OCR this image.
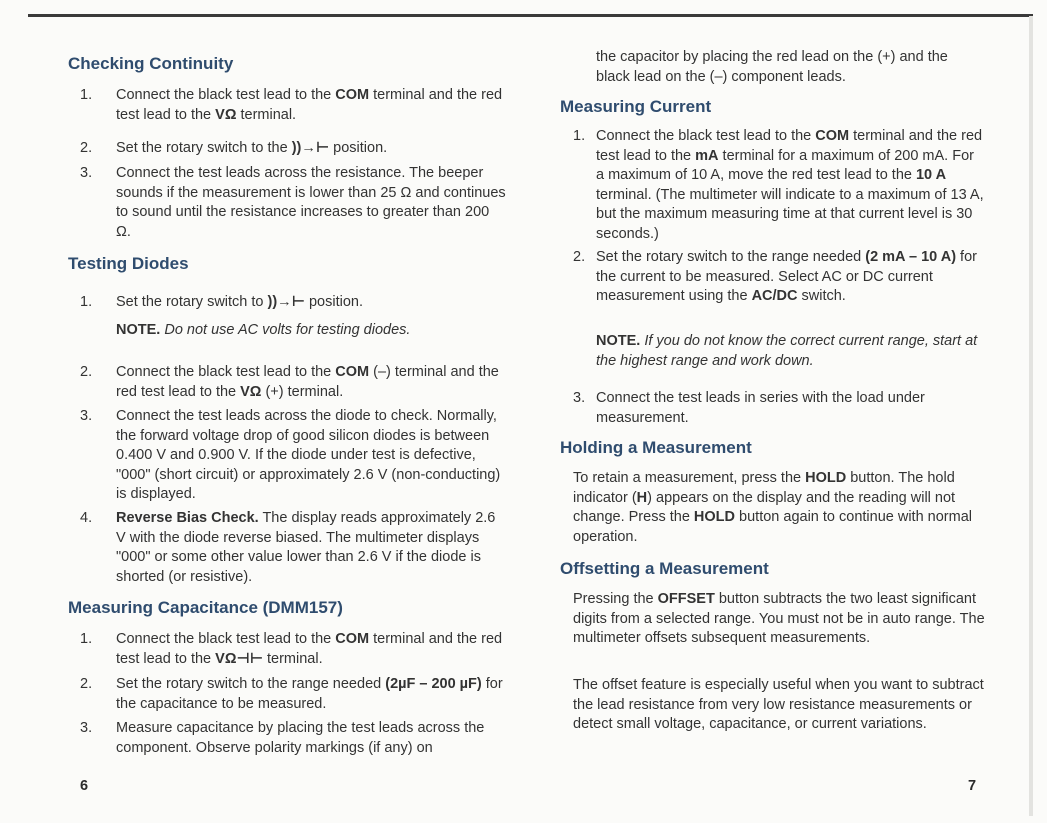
Checking Continuity
1.	Connect the black test lead to the COM terminal and the red test lead to the VΩ terminal.
2.	Set the rotary switch to the ))→⊢ position.
3.	Connect the test leads across the resistance. The beeper sounds if the measurement is lower than 25 Ω and continues to sound until the resistance increases to greater than 200 Ω.
Testing Diodes
1.	Set the rotary switch to ))→⊢ position.
NOTE. Do not use AC volts for testing diodes.
2.	Connect the black test lead to the COM (–) terminal and the red test lead to the VΩ (+) terminal.
3.	Connect the test leads across the diode to check. Normally, the forward voltage drop of good silicon diodes is between 0.400 V and 0.900 V. If the diode under test is defective, "000" (short circuit) or approximately 2.6 V (non-conducting) is displayed.
4.	Reverse Bias Check. The display reads approximately 2.6 V with the diode reverse biased. The multimeter displays "000" or some other value lower than 2.6 V if the diode is shorted (or resistive).
Measuring Capacitance (DMM157)
1.	Connect the black test lead to the COM terminal and the red test lead to the VΩ⊣⊢ terminal.
2.	Set the rotary switch to the range needed (2µF – 200 µF) for the capacitance to be measured.
3.	Measure capacitance by placing the test leads across the component. Observe polarity markings (if any) on
6
the capacitor by placing the red lead on the (+) and the black lead on the (–) component leads.
Measuring Current
1. Connect the black test lead to the COM terminal and the red test lead to the mA terminal for a maximum of 200 mA. For a maximum of 10 A, move the red test lead to the 10 A terminal. (The multimeter will indicate to a maximum of 13 A, but the maximum measuring time at that current level is 30 seconds.)
2. Set the rotary switch to the range needed (2 mA – 10 A) for the current to be measured. Select AC or DC current measurement using the AC/DC switch.
NOTE. If you do not know the correct current range, start at the highest range and work down.
3. Connect the test leads in series with the load under measurement.
Holding a Measurement
To retain a measurement, press the HOLD button. The hold indicator (H) appears on the display and the reading will not change. Press the HOLD button again to continue with normal operation.
Offsetting a Measurement
Pressing the OFFSET button subtracts the two least significant digits from a selected range. You must not be in auto range. The multimeter offsets subsequent measurements.
The offset feature is especially useful when you want to subtract the lead resistance from very low resistance measurements or detect small voltage, capacitance, or current variations.
7
